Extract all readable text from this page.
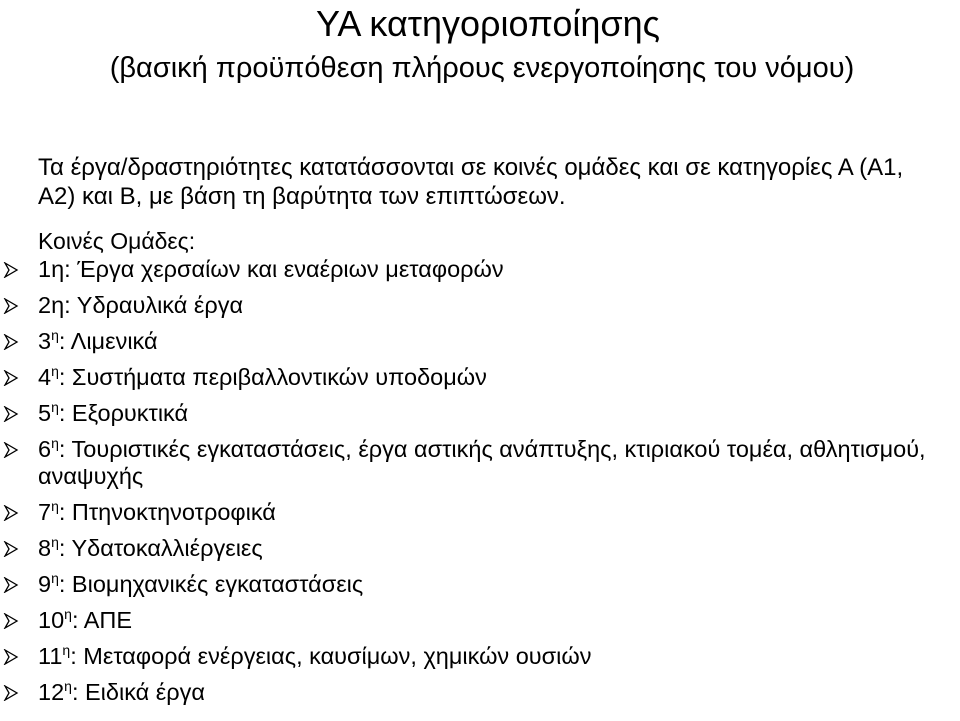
ΥΑ κατηγοριοποίησης
(βασική προϋπόθεση πλήρους ενεργοποίησης του νόμου)
Τα έργα/δραστηριότητες κατατάσσονται σε κοινές ομάδες και σε κατηγορίες Α (Α1, Α2) και Β, με βάση τη βαρύτητα των επιπτώσεων.
Κοινές Ομάδες:
1η: Έργα χερσαίων και εναέριων μεταφορών
2η: Υδραυλικά έργα
$3^\eta$: Λιμενικά
$4^\eta$: Συστήματα περιβαλλοντικών υποδομών
$5^\eta$: Εξορυκτικά
$6^\eta$: Τουριστικές εγκαταστάσεις, έργα αστικής ανάπτυξης, κτιριακού τομέα, αθλητισμού, αναψυχής
$7^\eta$: Πτηνοκτηνοτροφικά
$8^\eta$: Υδατοκαλλιέργειες
$9^\eta$: Βιομηχανικές εγκαταστάσεις
$10^\eta$: ΑΠΕ
$11^\eta$: Μεταφορά ενέργειας, καυσίμων, χημικών ουσιών
$12^\eta$: Ειδικά έργα
